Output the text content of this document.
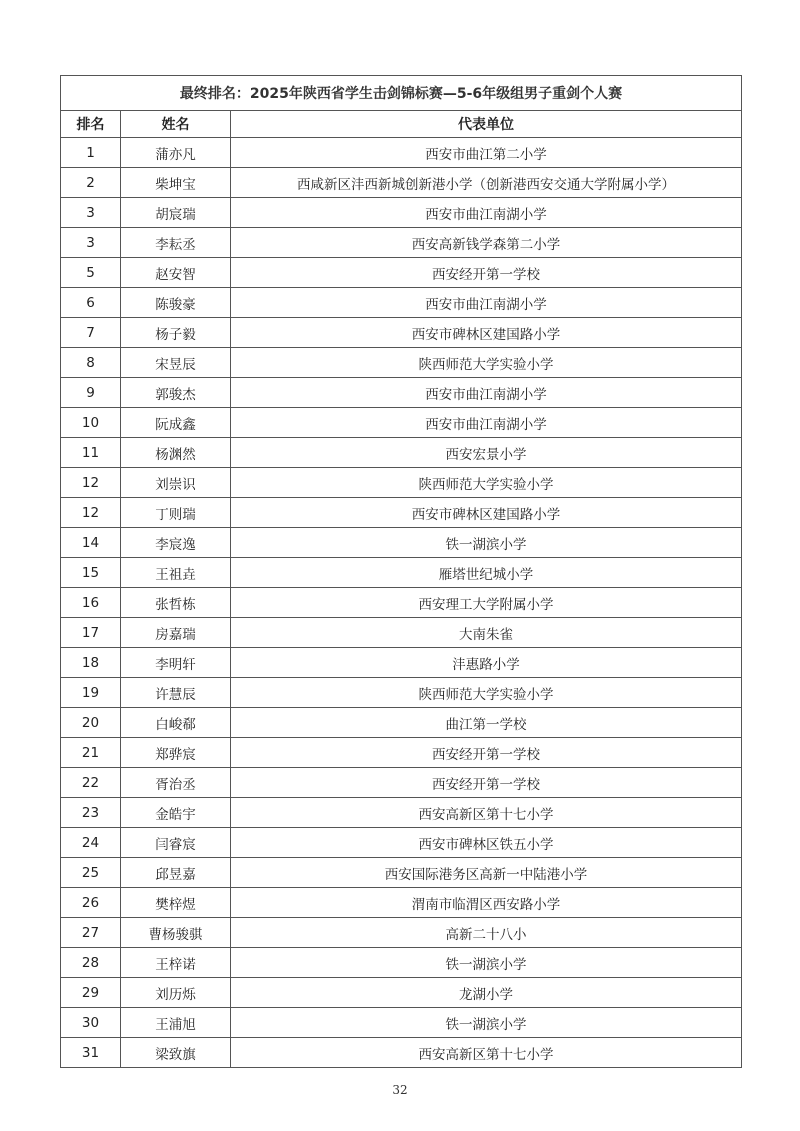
最终排名：2025年陕西省学生击剑锦标赛—5-6年级组男子重剑个人赛		
排名	姓名	代表单位
1	蒲亦凡	西安市曲江第二小学
2	柴坤宝	西咸新区沣西新城创新港小学（创新港西安交通大学附属小学）
3	胡宸瑞	西安市曲江南湖小学
3	李耘丞	西安高新钱学森第二小学
5	赵安智	西安经开第一学校
6	陈骏豪	西安市曲江南湖小学
7	杨子毅	西安市碑林区建国路小学
8	宋昱辰	陕西师范大学实验小学
9	郭骏杰	西安市曲江南湖小学
10	阮成鑫	西安市曲江南湖小学
11	杨渊然	西安宏景小学
12	刘崇识	陕西师范大学实验小学
12	丁则瑞	西安市碑林区建国路小学
14	李宸逸	铁一湖滨小学
15	王祖垚	雁塔世纪城小学
16	张哲栋	西安理工大学附属小学
17	房嘉瑞	大南朱雀
18	李明轩	沣惠路小学
19	许慧辰	陕西师范大学实验小学
20	白峻郗	曲江第一学校
21	郑骅宸	西安经开第一学校
22	胥治丞	西安经开第一学校
23	金皓宇	西安高新区第十七小学
24	闫睿宸	西安市碑林区铁五小学
25	邱昱嘉	西安国际港务区高新一中陆港小学
26	樊梓煜	渭南市临渭区西安路小学
27	曹杨骏骐	高新二十八小
28	王梓诺	铁一湖滨小学
29	刘历烁	龙湖小学
30	王浦旭	铁一湖滨小学
31	梁致旗	西安高新区第十七小学
32
